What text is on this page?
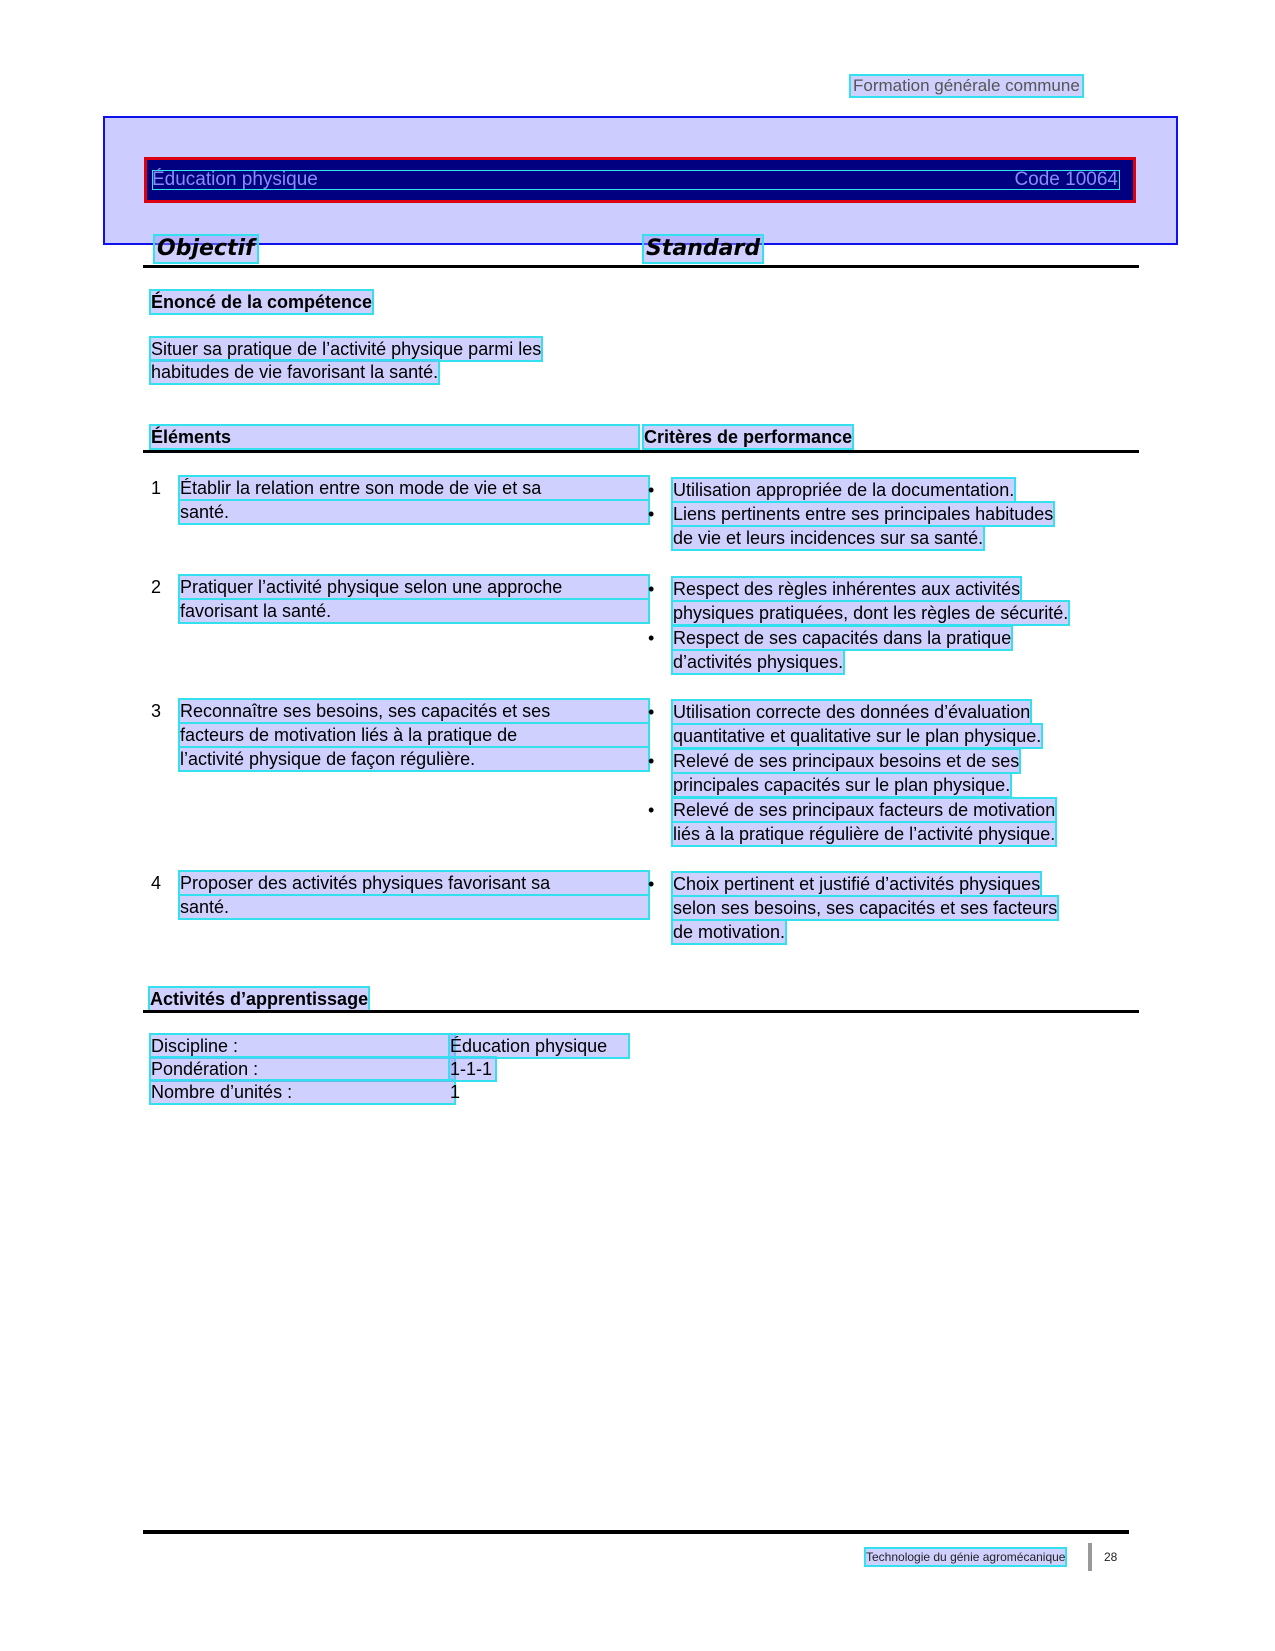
Formation générale commune
Éducation physique	Code 10064
Objectif	Standard
Énoncé de la compétence
Situer sa pratique de l’activité physique parmi les
habitudes de vie favorisant la santé.
Éléments	Critères de performance
1	Établir la relation entre son mode de vie et sa
santé.
• Utilisation appropriée de la documentation.
• Liens pertinents entre ses principales habitudes
de vie et leurs incidences sur sa santé.
2	Pratiquer l’activité physique selon une approche
favorisant la santé.
• Respect des règles inhérentes aux activités
physiques pratiquées, dont les règles de sécurité.
• Respect de ses capacités dans la pratique
d’activités physiques.
3	Reconnaître ses besoins, ses capacités et ses
facteurs de motivation liés à la pratique de
l’activité physique de façon régulière.
• Utilisation correcte des données d’évaluation
quantitative et qualitative sur le plan physique.
• Relevé de ses principaux besoins et de ses
principales capacités sur le plan physique.
• Relevé de ses principaux facteurs de motivation
liés à la pratique régulière de l’activité physique.
4	Proposer des activités physiques favorisant sa
santé.
• Choix pertinent et justifié d’activités physiques
selon ses besoins, ses capacités et ses facteurs
de motivation.
Activités d’apprentissage
Discipline :	Éducation physique
Pondération :	1-1-1
Nombre d’unités :	1
Technologie du génie agromécanique	28
